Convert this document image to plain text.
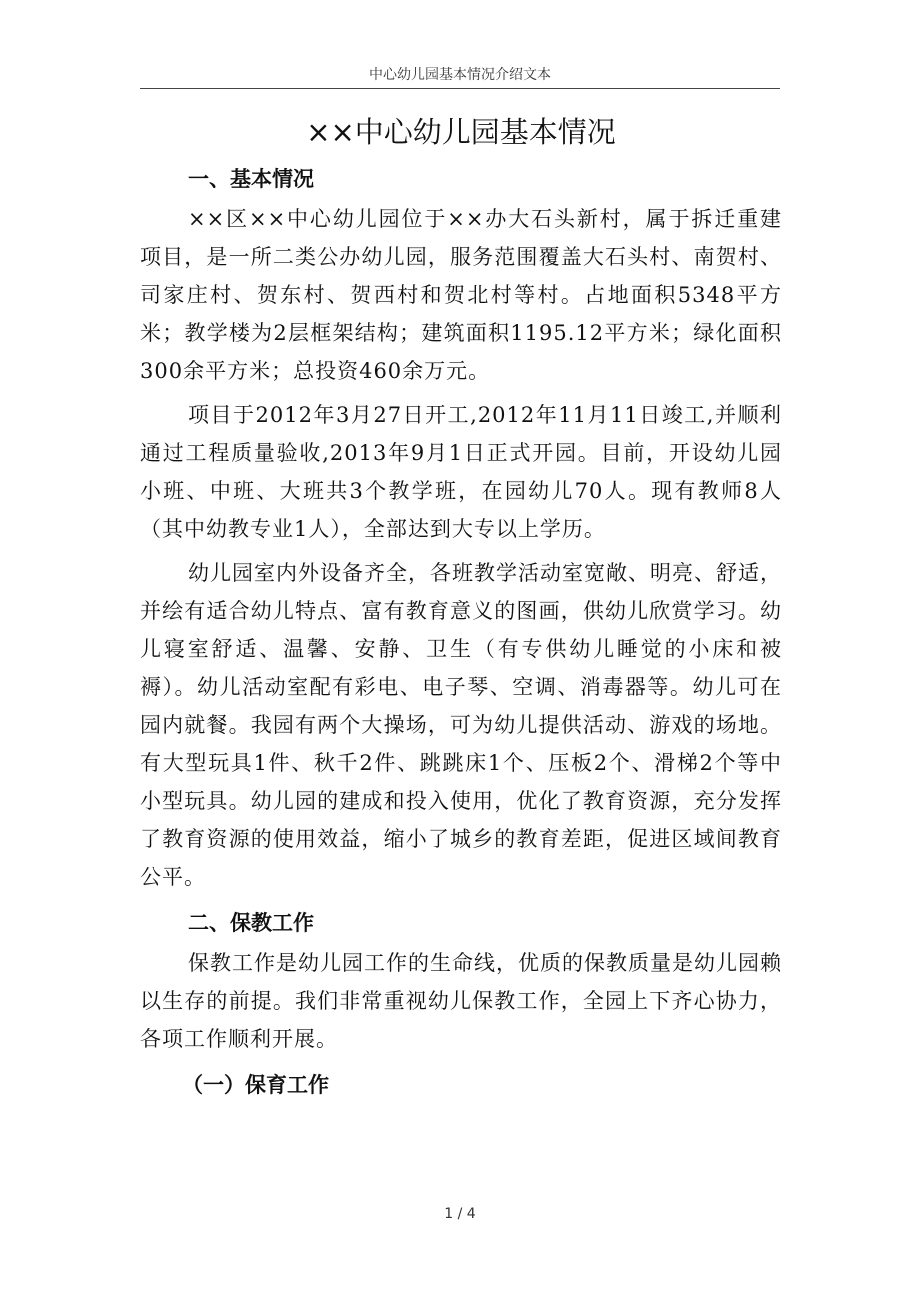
中心幼儿园基本情况介绍文本
××中心幼儿园基本情况
一、基本情况

××区××中心幼儿园位于××办大石头新村，属于拆迁重建项目，是一所二类公办幼儿园，服务范围覆盖大石头村、南贺村、司家庄村、贺东村、贺西村和贺北村等村。占地面积5348平方米；教学楼为2层框架结构；建筑面积1195.12平方米；绿化面积300余平方米；总投资460余万元。

项目于2012年3月27日开工,2012年11月11日竣工,并顺利通过工程质量验收,2013年9月1日正式开园。目前，开设幼儿园小班、中班、大班共3个教学班，在园幼儿70人。现有教师8人（其中幼教专业1人），全部达到大专以上学历。

幼儿园室内外设备齐全，各班教学活动室宽敞、明亮、舒适，并绘有适合幼儿特点、富有教育意义的图画，供幼儿欣赏学习。幼儿寝室舒适、温馨、安静、卫生（有专供幼儿睡觉的小床和被褥）。幼儿活动室配有彩电、电子琴、空调、消毒器等。幼儿可在园内就餐。我园有两个大操场，可为幼儿提供活动、游戏的场地。有大型玩具1件、秋千2件、跳跳床1个、压板2个、滑梯2个等中小型玩具。幼儿园的建成和投入使用，优化了教育资源，充分发挥了教育资源的使用效益，缩小了城乡的教育差距，促进区域间教育公平。

二、保教工作

保教工作是幼儿园工作的生命线，优质的保教质量是幼儿园赖以生存的前提。我们非常重视幼儿保教工作，全园上下齐心协力，各项工作顺利开展。

（一）保育工作
1 / 4
